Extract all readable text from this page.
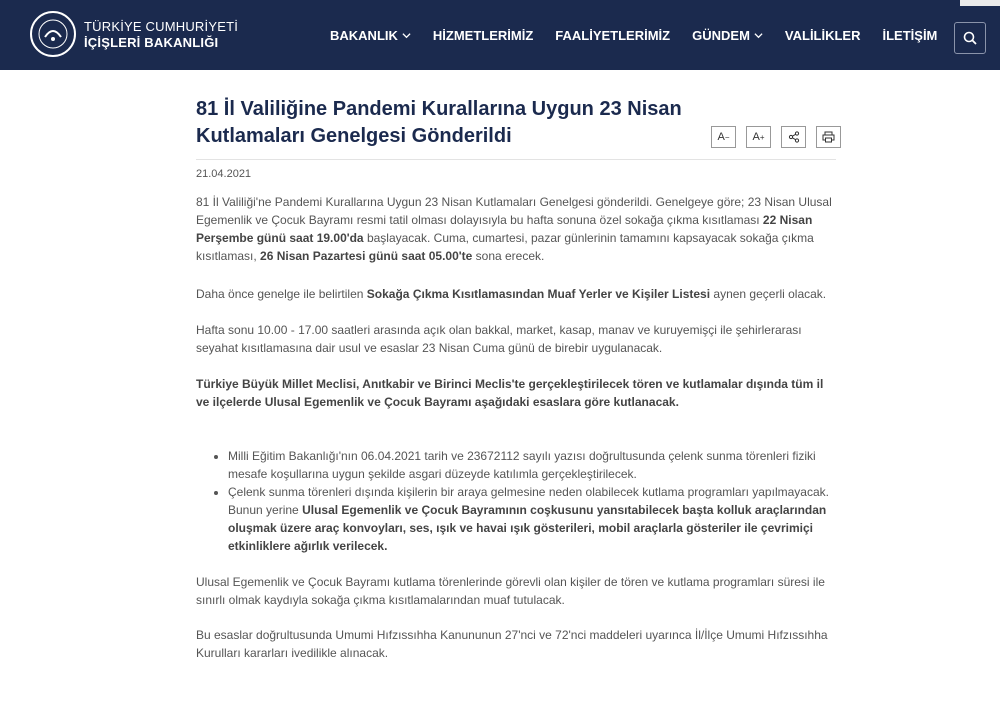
TÜRKİYE CUMHURİYETİ
İÇİŞLERİ BAKANLIĞI	BAKANLIK	HİZMETLERİMİZ FAALİYETLERİMİZ GÜNDEM	VALİLİKLER İLETİŞİM
81 İl Valiliğine Pandemi Kurallarına Uygun 23 Nisan Kutlamaları Genelgesi Gönderildi	A − A +
21.04.2021

81 İl Valiliği'ne Pandemi Kurallarına Uygun 23 Nisan Kutlamaları Genelgesi gönderildi. Genelgeye göre; 23 Nisan Ulusal Egemenlik ve Çocuk Bayramı resmi tatil olması dolayısıyla bu hafta sonuna özel sokağa çıkma kısıtlaması 22 Nisan Perşembe günü saat 19.00'da başlayacak. Cuma, cumartesi, pazar günlerinin tamamını kapsayacak sokağa çıkma kısıtlaması, 26 Nisan Pazartesi günü saat 05.00'te sona erecek.

Daha önce genelge ile belirtilen Sokağa Çıkma Kısıtlamasından Muaf Yerler ve Kişiler Listesi aynen geçerli olacak.

Hafta sonu 10.00 - 17.00 saatleri arasında açık olan bakkal, market, kasap, manav ve kuruyemişçi ile şehirlerarası seyahat kısıtlamasına dair usul ve esaslar 23 Nisan Cuma günü de birebir uygulanacak.

Türkiye Büyük Millet Meclisi, Anıtkabir ve Birinci Meclis'te gerçekleştirilecek tören ve kutlamalar dışında tüm il ve ilçelerde Ulusal Egemenlik ve Çocuk Bayramı aşağıdaki esaslara göre kutlanacak.

• Milli Eğitim Bakanlığı'nın 06.04.2021 tarih ve 23672112 sayılı yazısı doğrultusunda çelenk sunma törenleri fiziki mesafe koşullarına uygun şekilde asgari düzeyde katılımla gerçekleştirilecek.
• Çelenk sunma törenleri dışında kişilerin bir araya gelmesine neden olabilecek kutlama programları yapılmayacak. Bunun yerine Ulusal Egemenlik ve Çocuk Bayramının coşkusunu yansıtabilecek başta kolluk araçlarından oluşmak üzere araç konvoyları, ses, ışık ve havai ışık gösterileri, mobil araçlarla gösteriler ile çevrimiçi etkinliklere ağırlık verilecek.

Ulusal Egemenlik ve Çocuk Bayramı kutlama törenlerinde görevli olan kişiler de tören ve kutlama programları süresi ile sınırlı olmak kaydıyla sokağa çıkma kısıtlamalarından muaf tutulacak.

Bu esaslar doğrultusunda Umumi Hıfzıssıhha Kanununun 27'nci ve 72'nci maddeleri uyarınca İl/İlçe Umumi Hıfzıssıhha Kurulları kararları ivedilikle alınacak.
